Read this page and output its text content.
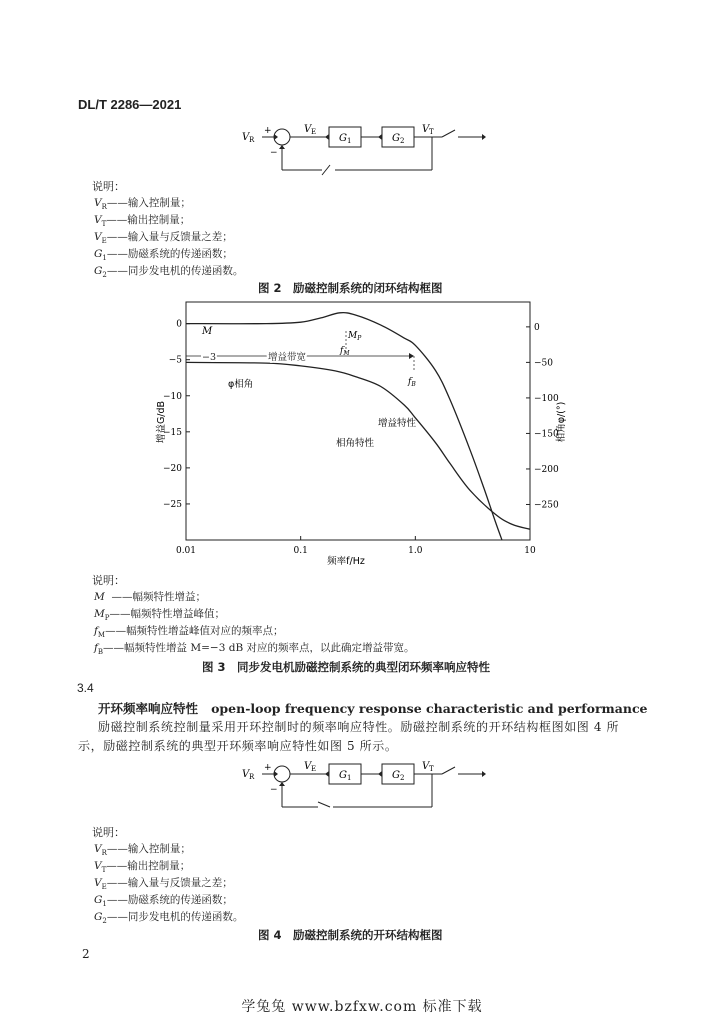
DL/T 2286—2021
V R
+
−
V E
G 1	G 2
V T
说明：
$V_R——$输入控制量；
$V_T——$输出控制量；
$V_E——$输入量与反馈量之差；
$G_1——$励磁系统的传递函数；
$G_2——$同步发电机的传递函数。
图 2　励磁控制系统的闭环结构框图
0.01	0.1	1.0	10
0
−5
−10
−15
−20
−25
0
−50
−100
−150
−200
−250
M	$M_P$
$f_M$
−3	增益带宽
$f_B$
φ相角
增益特性
相角特性
频率f/Hz
增益G/dB	相角φ/(°)
说明：
M ——幅频特性增益；
$M_P——$幅频特性增益峰值；
$f_M——$幅频特性增益峰值对应的频率点；
$f_B——$幅频特性增益 M=−3 dB 对应的频率点，以此确定增益带宽。
图 3　同步发电机励磁控制系统的典型闭环频率响应特性
3.4
开环频率响应特性 open-loop frequency response characteristic and performance
励磁控制系统控制量采用开环控制时的频率响应特性。励磁控制系统的开环结构框图如图 4 所
示，励磁控制系统的典型开环频率响应特性如图 5 所示。
V R
+
−
V E
G 1	G 2
V T
说明：
$V_R——$输入控制量；
$V_T——$输出控制量；
$V_E——$输入量与反馈量之差；
$G_1——$励磁系统的传递函数；
$G_2——$同步发电机的传递函数。
图 4　励磁控制系统的开环结构框图
2
学兔兔 www.bzfxw.com 标准下载
